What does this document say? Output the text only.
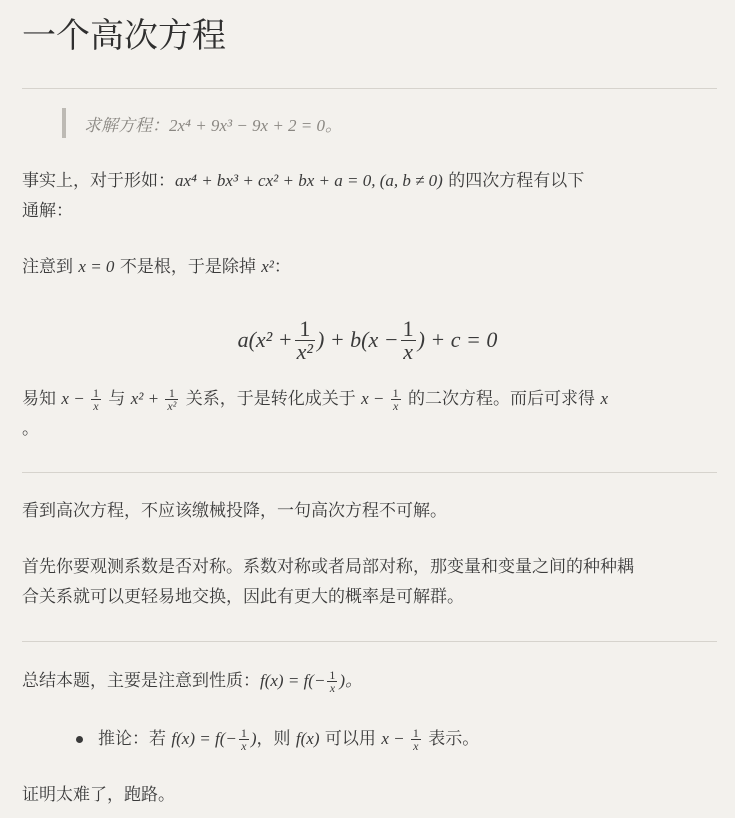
一个高次方程
求解方程： 2x⁴ + 9x³ − 9x + 2 = 0。
事实上，对于形如：ax⁴ + bx³ + cx² + bx + a = 0, (a, b ≠ 0) 的四次方程有以下
通解：
注意到 x = 0 不是根，于是除掉 x²：
$a(x^2 + \frac{1}{\text{x²}}$ ) + $b(x - \frac{1}{x}$ ) + c = 0
易知 $x - \frac{1}{x}$ 与 $x^2 + \frac{1}{\text{x²}}$ 关系，于是转化成关于 $x - \frac{1}{x}$ 的二次方程。而后可求得 x
。
看到高次方程，不应该缴械投降，一句高次方程不可解。
首先你要观测系数是否对称。系数对称或者局部对称，那变量和变量之间的种种耦
合关系就可以更轻易地交换，因此有更大的概率是可解群。
总结本题，主要是注意到性质：$f(x) = f(- \frac{1}{x}$ )。
推论：若 $f(x) = f(- \frac{1}{x}$ )，则 f(x) 可以用 $x - \frac{1}{x}$ 表示。
证明太难了，跑路。
